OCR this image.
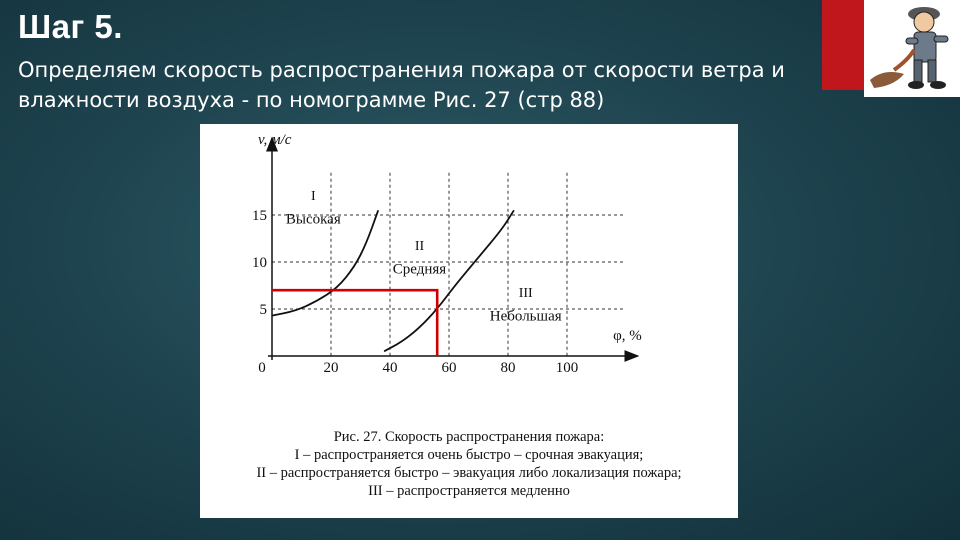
Шаг 5.

Определяем скорость распространения пожара от скорости ветра и влажности воздуха - по номограмме Рис. 27 (стр 88)

0	20	40	60	80	100
5
10
15
v, м/с
φ, %
I
Высокая
II
Средняя
III
Небольшая
Рис. 27. Скорость распространения пожара:
I – распространяется очень быстро – срочная эвакуация;
II – распространяется быстро – эвакуация либо локализация пожара;
III – распространяется медленно
